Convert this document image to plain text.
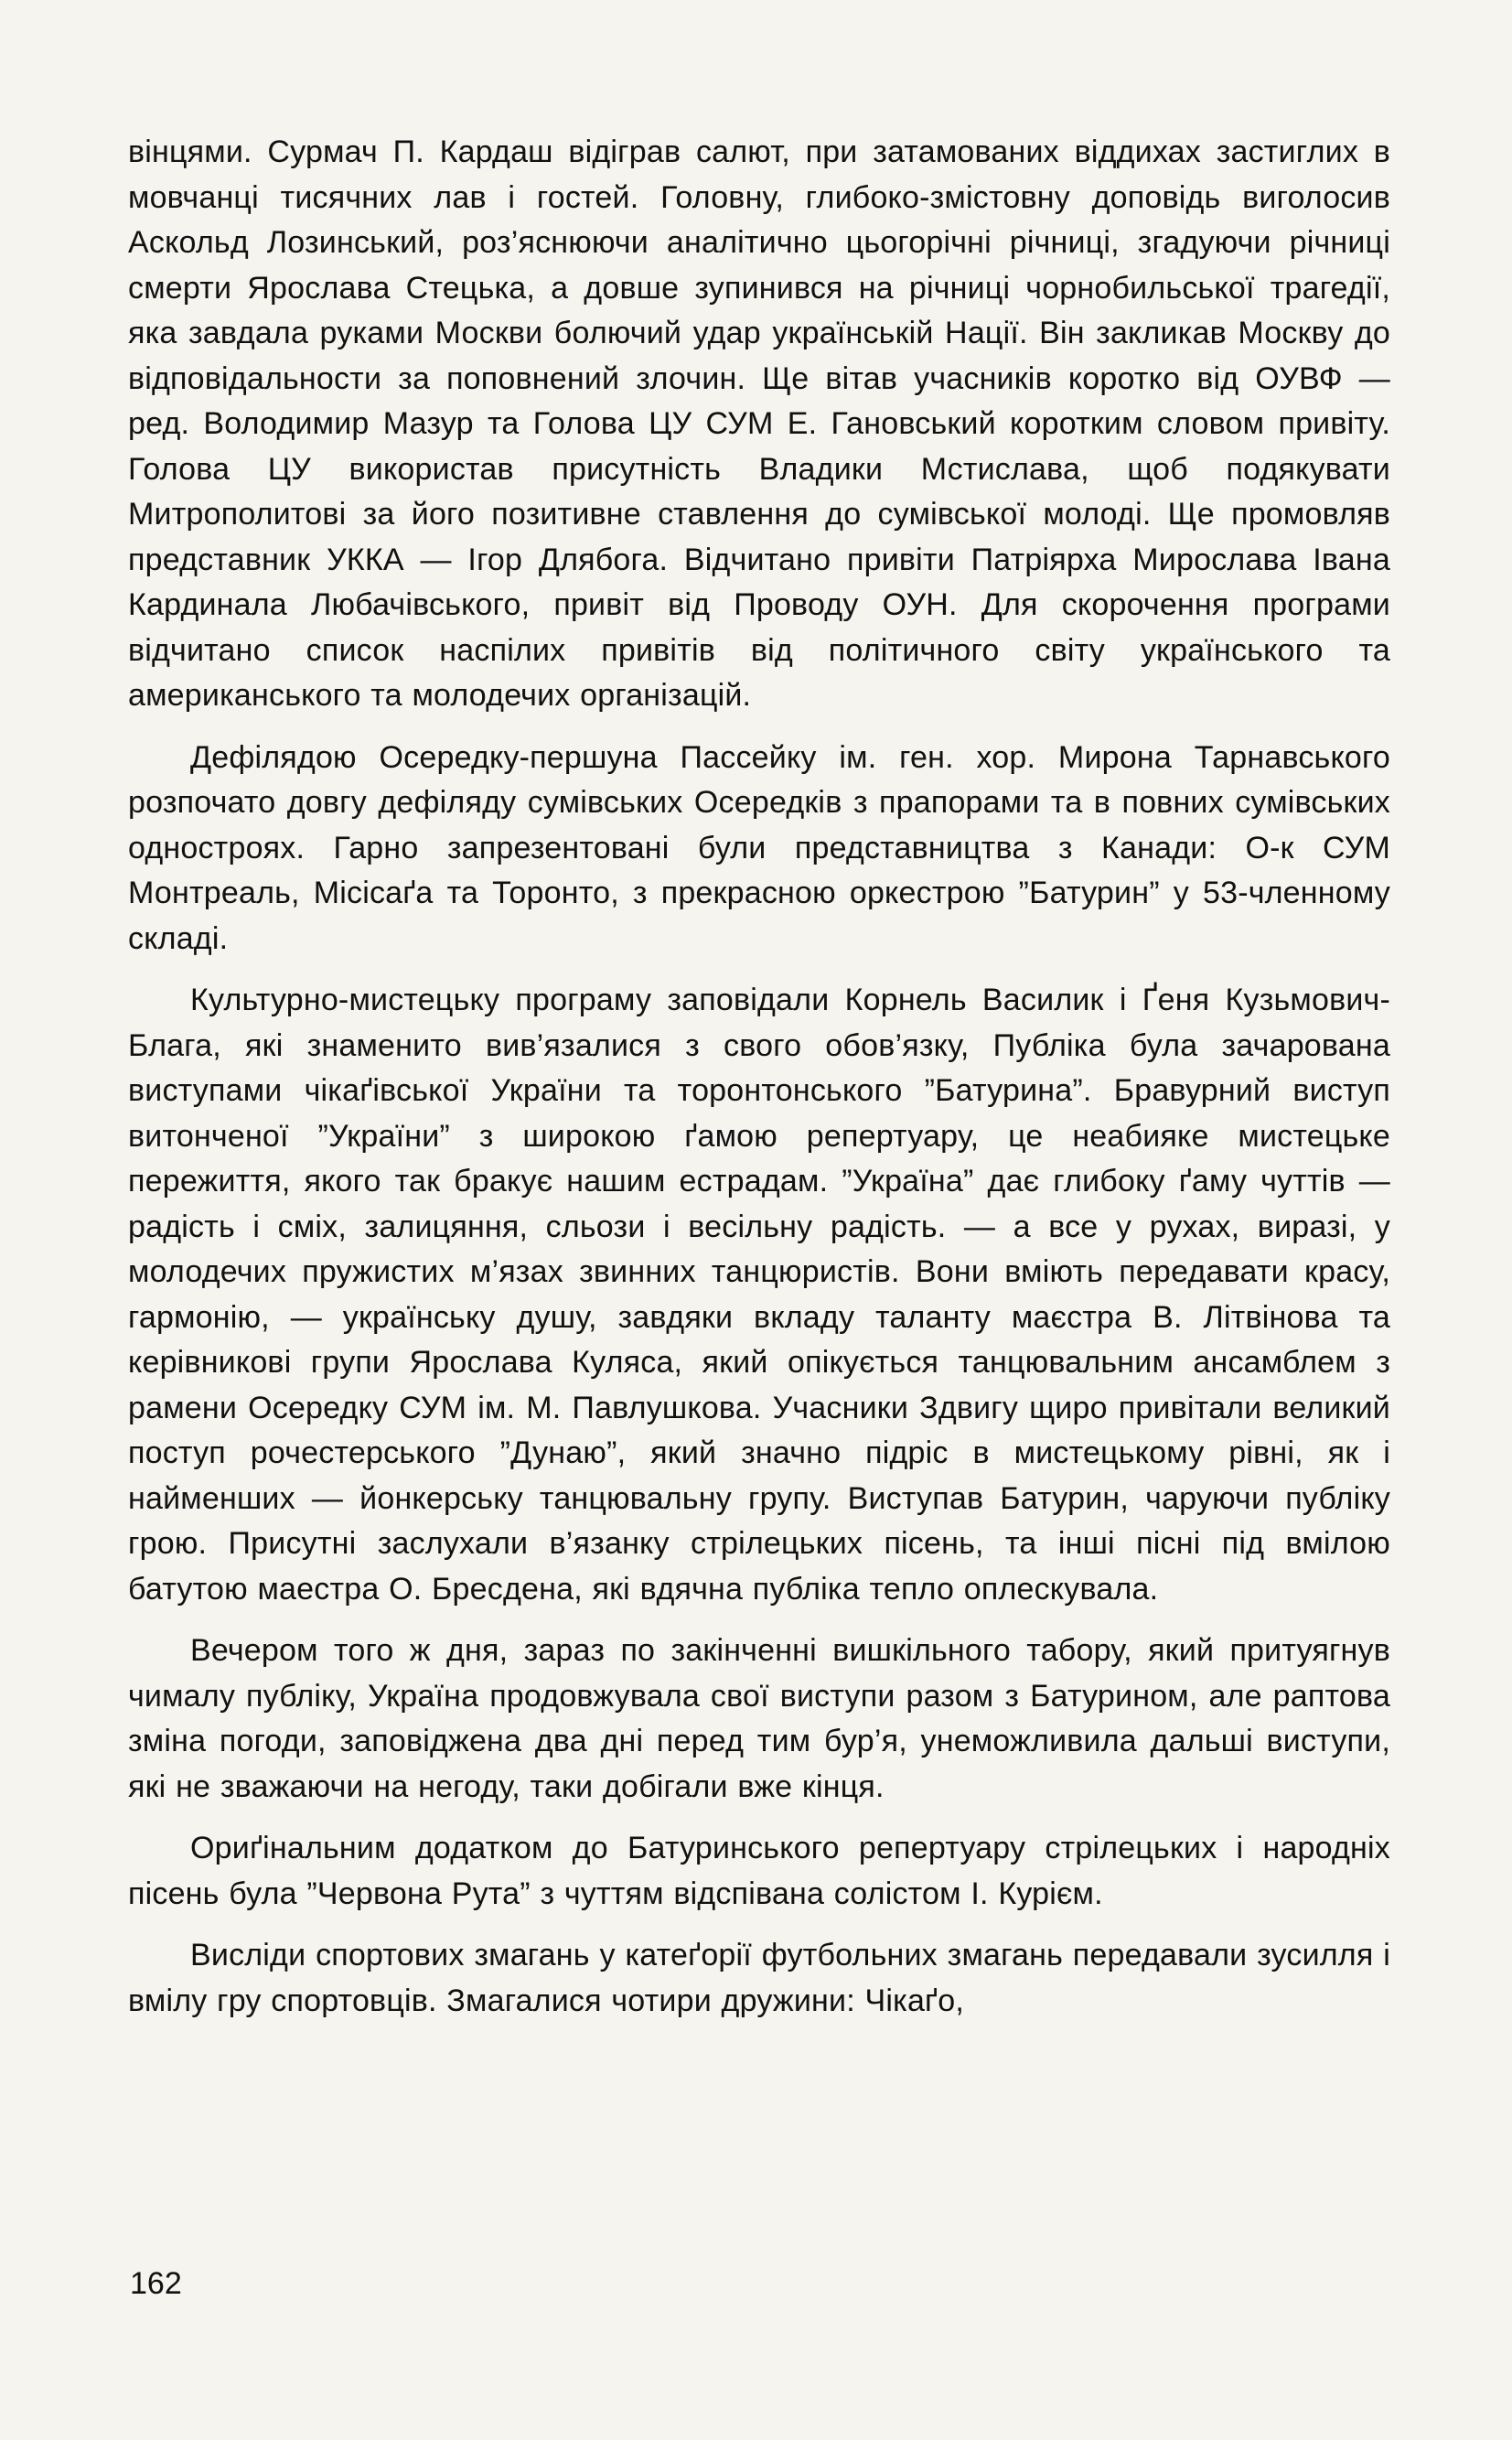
вінцями. Сурмач П. Кардаш відіграв салют, при затамованих віддихах застиглих в мовчанці тисячних лав і гостей. Головну, глибоко-змістовну доповідь виголосив Аскольд Лозинський, роз’яснюючи аналітично цьогорічні річниці, згадуючи річниці смерти Ярослава Стецька, а довше зупинився на річниці чорнобильської трагедії, яка завдала руками Москви болючий удар українській Нації. Він закликав Москву до відповідальности за поповнений злочин. Ще вітав учасників коротко від ОУВФ — ред. Володимир Мазур та Голова ЦУ СУМ Е. Гановський коротким словом привіту. Голова ЦУ використав присутність Владики Мстислава, щоб подякувати Митрополитові за його позитивне ставлення до сумівської молоді. Ще промовляв представник УККА — Ігор Длябога. Відчитано привіти Патріярха Мирослава Івана Кардинала Любачівського, привіт від Проводу ОУН. Для скорочення програми відчитано список наспілих привітів від політичного світу українського та американського та молодечих організацій.

Дефілядою Осередку-першуна Пассейку ім. ген. хор. Мирона Тарнавського розпочато довгу дефіляду сумівських Осередків з прапорами та в повних сумівських одностроях. Гарно запрезентовані були представництва з Канади: О-к СУМ Монтреаль, Місісаґа та Торонто, з прекрасною оркестрою ”Батурин” у 53-членному складі.

Культурно-мистецьку програму заповідали Корнель Василик і Ґеня Кузьмович-Блага, які знаменито вив’язалися з свого обов’язку, Публіка була зачарована виступами чікаґівської України та торонтонського ”Батурина”. Бравурний виступ витонченої ”України” з широкою ґамою репертуару, це неабияке мистецьке пережиття, якого так бракує нашим естрадам. ”Україна” дає глибоку ґаму чуттів — радість і сміх, залицяння, сльози і весільну радість. — а все у рухах, виразі, у молодечих пружистих м’язах звинних танцюристів. Вони вміють передавати красу, гармонію, — українську душу, завдяки вкладу таланту маєстра В. Літвінова та керівникові групи Ярослава Куляса, який опікується танцювальним ансамблем з рамени Осередку СУМ ім. М. Павлушкова. Учасники Здвигу щиро привітали великий поступ рочестерського ”Дунаю”, який значно підріс в мистецькому рівні, як і найменших — йонкерську танцювальну групу. Виступав Батурин, чаруючи публіку грою. Присутні заслухали в’язанку стрілецьких пісень, та інші пісні під вмілою батутою маестра О. Бресдена, які вдячна публіка тепло оплескувала.

Вечером того ж дня, зараз по закінченні вишкільного табору, який притуягнув чималу публіку, Україна продовжувала свої виступи разом з Батурином, але раптова зміна погоди, заповіджена два дні перед тим бур’я, унеможливила дальші виступи, які не зважаючи на негоду, таки добігали вже кінця.

Ориґінальним додатком до Батуринського репертуару стрілецьких і народніх пісень була ”Червона Рута” з чуттям відспівана солістом І. Курієм.

Висліди спортових змагань у катеґорії футбольних змагань передавали зусилля і вмілу гру спортовців. Змагалися чотири дружини: Чікаґо,

162
